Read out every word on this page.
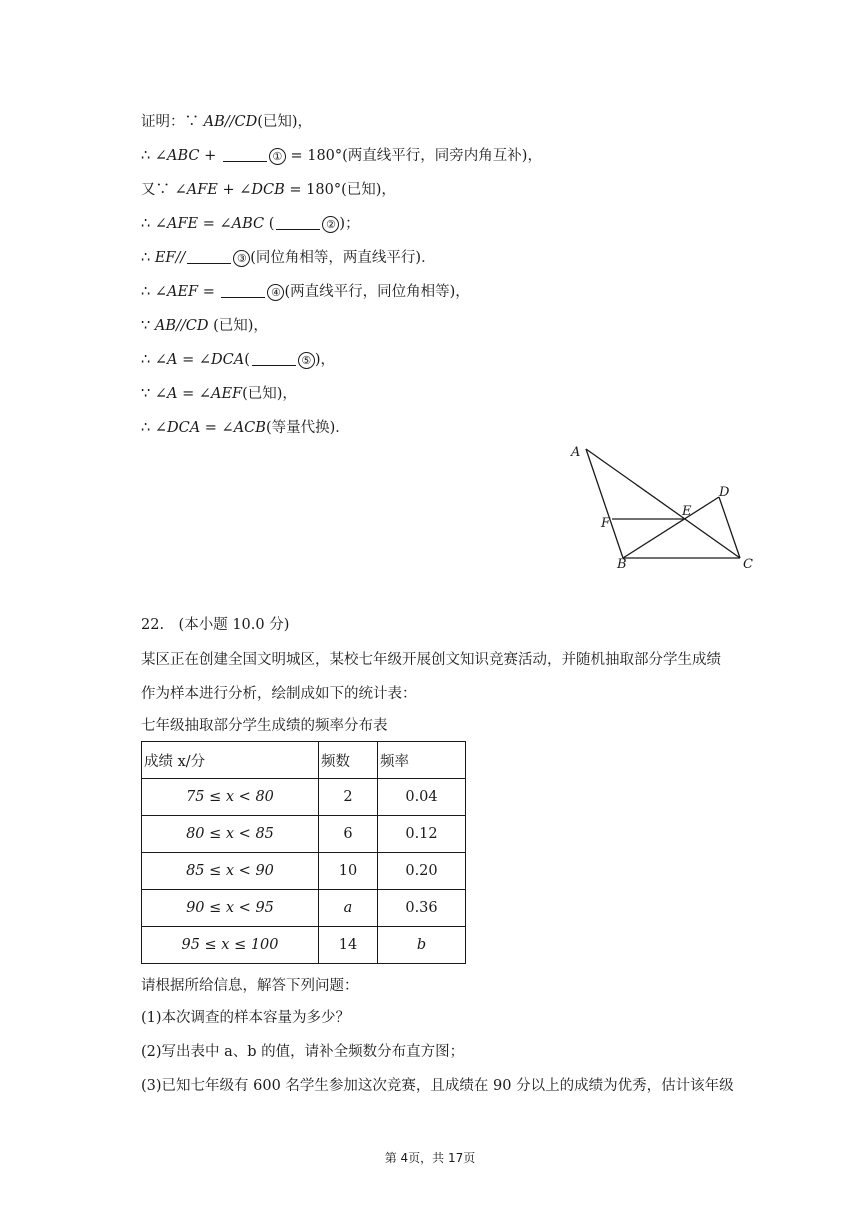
证明：∵ AB//CD(已知)，
∴ ∠ABC +	① = 180°(两直线平行，同旁内角互补)，
又∵ ∠AFE + ∠DCB = 180°(已知)，
∴ ∠AFE = ∠ABC (	② )；
∴ EF//	③ (同位角相等，两直线平行)．
∴ ∠AEF =	④ (两直线平行，同位角相等)，
∵ AB//CD (已知)，
∴ ∠A = ∠DCA(	⑤ )，
∵ ∠A = ∠AEF(已知)，
∴ ∠DCA = ∠ACB(等量代换)．
A
D
E
F
B	C
22.　(本小题 10.0 分)
某区正在创建全国文明城区，某校七年级开展创文知识竞赛活动，并随机抽取部分学生成绩
作为样本进行分析，绘制成如下的统计表：
七年级抽取部分学生成绩的频率分布表
成绩 x/分	频数	频率
75 ≤ x < 80	2	0.04
80 ≤ x < 85	6	0.12
85 ≤ x < 90	10	0.20
90 ≤ x < 95	a	0.36
95 ≤ x ≤ 100	14	b
请根据所给信息，解答下列问题：
(1)本次调查的样本容量为多少？
(2)写出表中 a、b 的值，请补全频数分布直方图；
(3)已知七年级有 600 名学生参加这次竞赛，且成绩在 90 分以上的成绩为优秀，估计该年级
第 4页，共 17页
